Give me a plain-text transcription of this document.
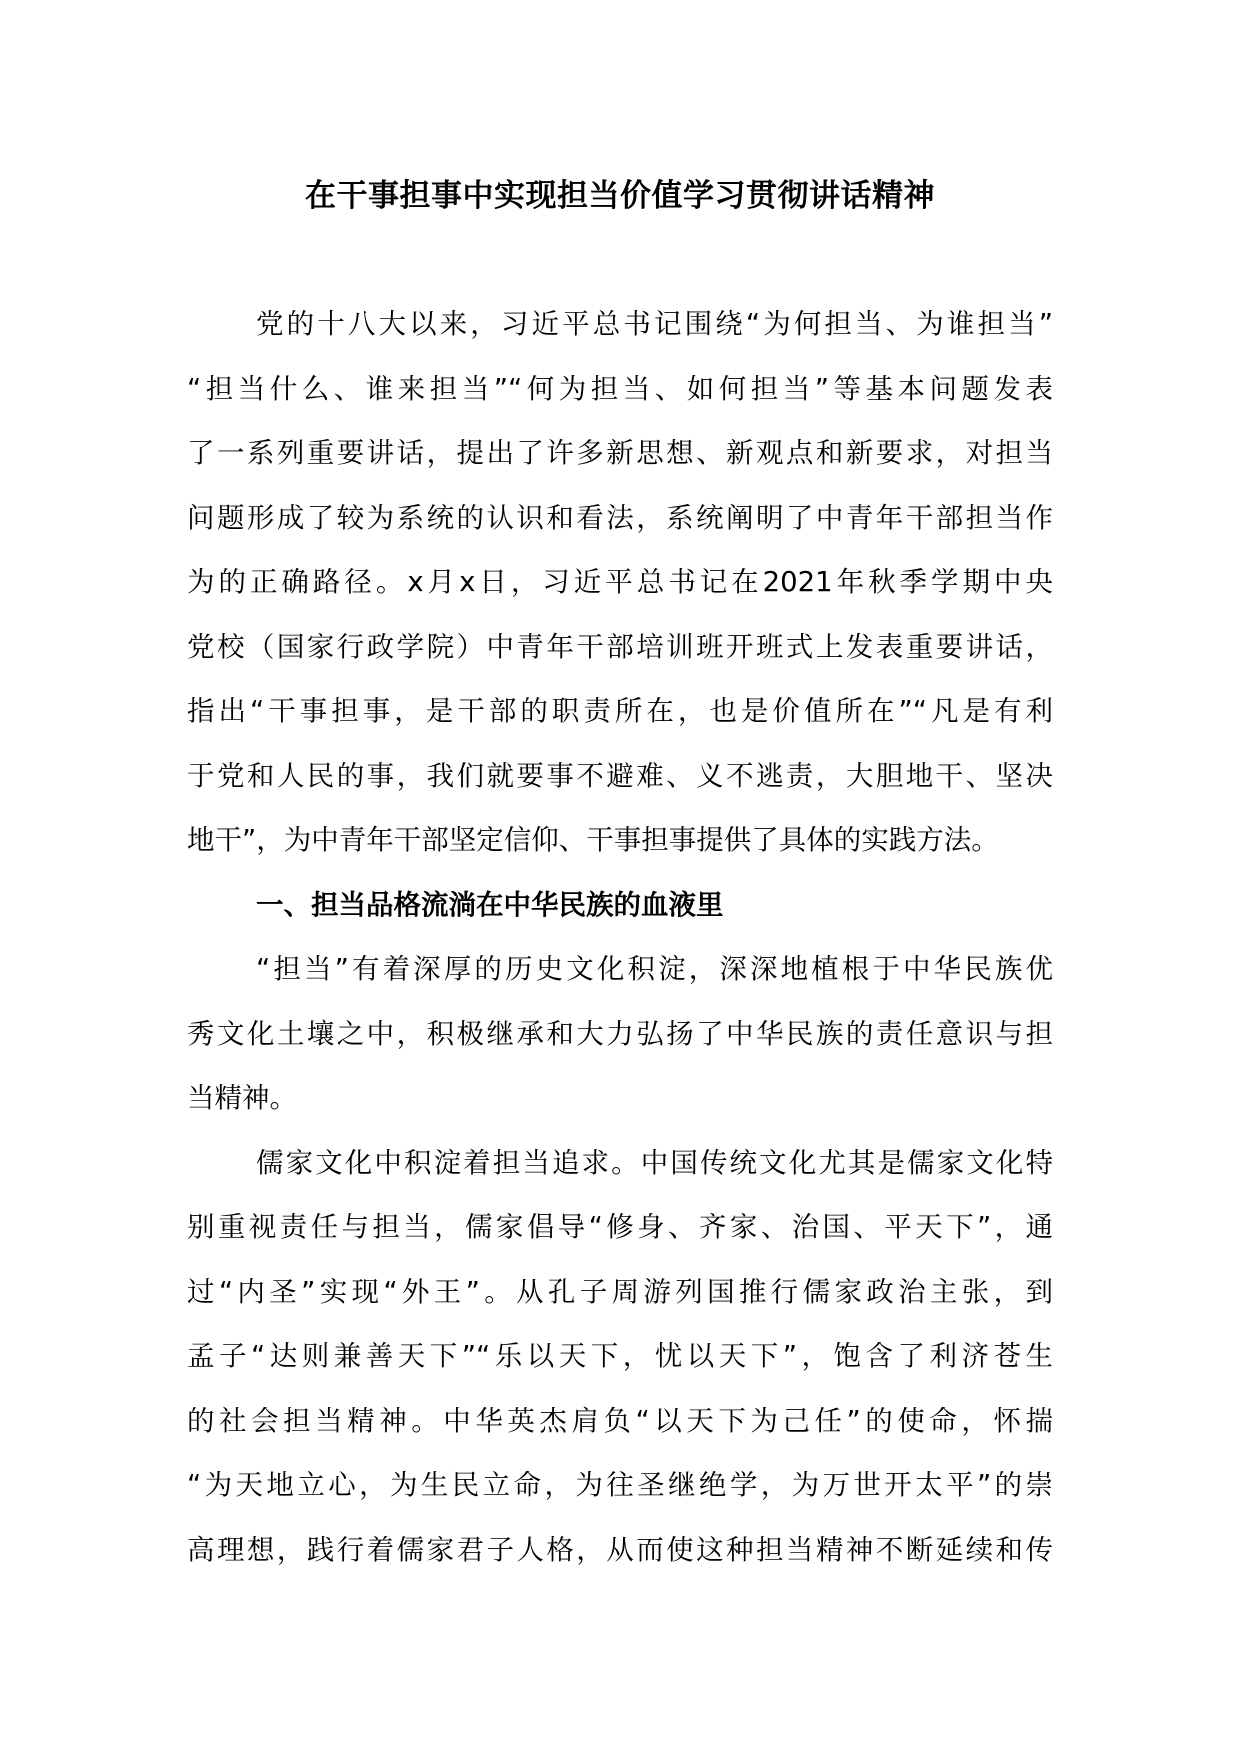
在干事担事中实现担当价值学习贯彻讲话精神
党的十八大以来，习近平总书记围绕“为何担当、为谁担当”
“担当什么、谁来担当”“何为担当、如何担当”等基本问题发表
了一系列重要讲话，提出了许多新思想、新观点和新要求，对担当
问题形成了较为系统的认识和看法，系统阐明了中青年干部担当作
为的正确路径。x月x日，习近平总书记在2021年秋季学期中央
党校（国家行政学院）中青年干部培训班开班式上发表重要讲话，
指出“干事担事，是干部的职责所在，也是价值所在”“凡是有利
于党和人民的事，我们就要事不避难、义不逃责，大胆地干、坚决
地干”，为中青年干部坚定信仰、干事担事提供了具体的实践方法。
一、担当品格流淌在中华民族的血液里
“担当”有着深厚的历史文化积淀，深深地植根于中华民族优
秀文化土壤之中，积极继承和大力弘扬了中华民族的责任意识与担
当精神。
儒家文化中积淀着担当追求。中国传统文化尤其是儒家文化特
别重视责任与担当，儒家倡导“修身、齐家、治国、平天下”，通
过“内圣”实现“外王”。从孔子周游列国推行儒家政治主张，到
孟子“达则兼善天下”“乐以天下，忧以天下”，饱含了利济苍生
的社会担当精神。中华英杰肩负“以天下为己任”的使命，怀揣
“为天地立心，为生民立命，为往圣继绝学，为万世开太平”的崇
高理想，践行着儒家君子人格，从而使这种担当精神不断延续和传
